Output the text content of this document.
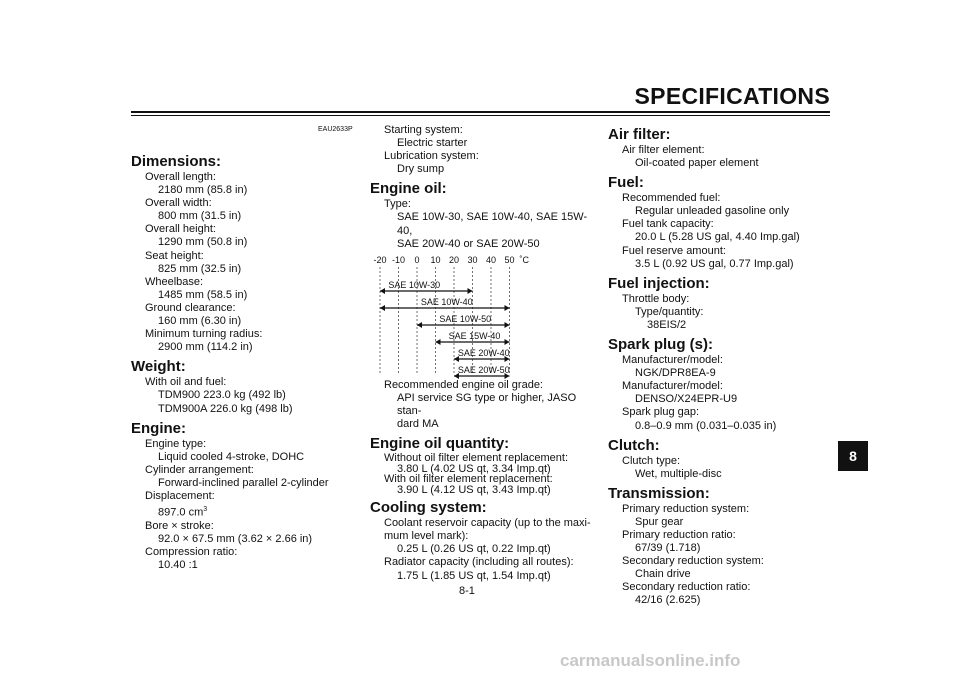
SPECIFICATIONS
EAU2633P
Dimensions:
Overall length:
2180 mm (85.8 in)
Overall width:
800 mm (31.5 in)
Overall height:
1290 mm (50.8 in)
Seat height:
825 mm (32.5 in)
Wheelbase:
1485 mm (58.5 in)
Ground clearance:
160 mm (6.30 in)
Minimum turning radius:
2900 mm (114.2 in)
Weight:
With oil and fuel:
TDM900 223.0 kg (492 lb)
TDM900A 226.0 kg (498 lb)
Engine:
Engine type:
Liquid cooled 4-stroke, DOHC
Cylinder arrangement:
Forward-inclined parallel 2-cylinder
Displacement:
897.0 $cm^3$
Bore × stroke:
92.0 × 67.5 mm (3.62 × 2.66 in)
Compression ratio:
10.40 :1
Starting system:
Electric starter
Lubrication system:
Dry sump
Engine oil:
Type:
SAE 10W-30, SAE 10W-40, SAE 15W-40,
SAE 20W-40 or SAE 20W-50
-20 -10 0 10 20 30 40 50 ˚C
SAE 10W-30
SAE 10W-40
SAE 10W-50
SAE 15W-40
SAE 20W-40
SAE 20W-50
Recommended engine oil grade:
API service SG type or higher, JASO stan-
dard MA
Engine oil quantity:
Without oil filter element replacement:
3.80 L (4.02 US qt, 3.34 Imp.qt)
With oil filter element replacement:
3.90 L (4.12 US qt, 3.43 Imp.qt)
Cooling system:
Coolant reservoir capacity (up to the maxi-
mum level mark):
0.25 L (0.26 US qt, 0.22 Imp.qt)
Radiator capacity (including all routes):
1.75 L (1.85 US qt, 1.54 Imp.qt)
Air filter:
Air filter element:
Oil-coated paper element
Fuel:
Recommended fuel:
Regular unleaded gasoline only
Fuel tank capacity:
20.0 L (5.28 US gal, 4.40 Imp.gal)
Fuel reserve amount:
3.5 L (0.92 US gal, 0.77 Imp.gal)
Fuel injection:
Throttle body:
Type/quantity:
38EIS/2
Spark plug (s):
Manufacturer/model:
NGK/DPR8EA-9
Manufacturer/model:
DENSO/X24EPR-U9
Spark plug gap:
0.8–0.9 mm (0.031–0.035 in)
Clutch:
Clutch type:
Wet, multiple-disc
Transmission:
Primary reduction system:
Spur gear
Primary reduction ratio:
67/39 (1.718)
Secondary reduction system:
Chain drive
Secondary reduction ratio:
42/16 (2.625)
8
8-1
carmanualsonline.info
